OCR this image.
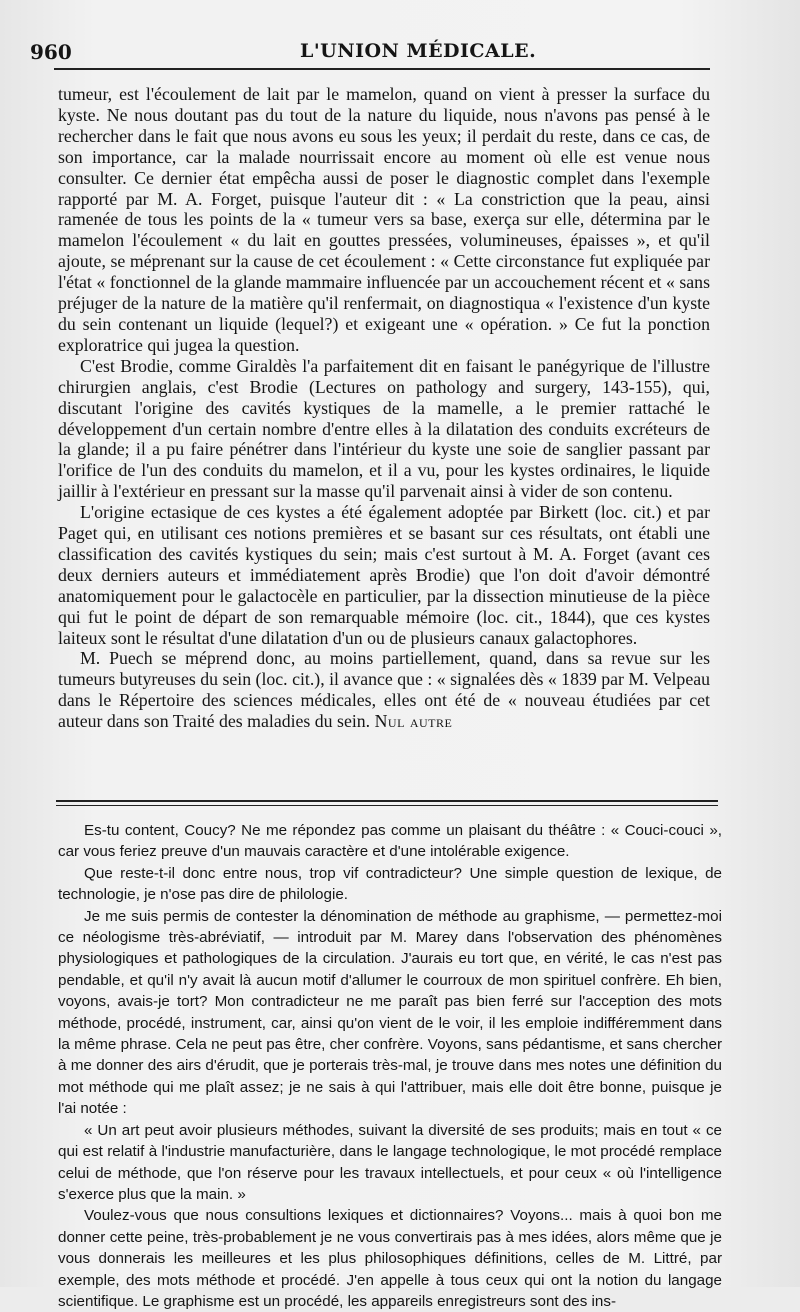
960	L'UNION MÉDICALE.

tumeur, est l'écoulement de lait par le mamelon, quand on vient à presser la surface du kyste. Ne nous doutant pas du tout de la nature du liquide, nous n'avons pas pensé à le rechercher dans le fait que nous avons eu sous les yeux; il perdait du reste, dans ce cas, de son importance, car la malade nourrissait encore au moment où elle est venue nous consulter. Ce dernier état empêcha aussi de poser le diagnostic complet dans l'exemple rapporté par M. A. Forget, puisque l'auteur dit : « La constriction que la peau, ainsi ramenée de tous les points de la « tumeur vers sa base, exerça sur elle, détermina par le mamelon l'écoulement « du lait en gouttes pressées, volumineuses, épaisses », et qu'il ajoute, se méprenant sur la cause de cet écoulement : « Cette circonstance fut expliquée par l'état « fonctionnel de la glande mammaire influencée par un accouchement récent et « sans préjuger de la nature de la matière qu'il renfermait, on diagnostiqua « l'existence d'un kyste du sein contenant un liquide (lequel?) et exigeant une « opération. » Ce fut la ponction exploratrice qui jugea la question.

C'est Brodie, comme Giraldès l'a parfaitement dit en faisant le panégyrique de l'illustre chirurgien anglais, c'est Brodie (Lectures on pathology and surgery, 143-155), qui, discutant l'origine des cavités kystiques de la mamelle, a le premier rattaché le développement d'un certain nombre d'entre elles à la dilatation des conduits excréteurs de la glande; il a pu faire pénétrer dans l'intérieur du kyste une soie de sanglier passant par l'orifice de l'un des conduits du mamelon, et il a vu, pour les kystes ordinaires, le liquide jaillir à l'extérieur en pressant sur la masse qu'il parvenait ainsi à vider de son contenu.

L'origine ectasique de ces kystes a été également adoptée par Birkett (loc. cit.) et par Paget qui, en utilisant ces notions premières et se basant sur ces résultats, ont établi une classification des cavités kystiques du sein; mais c'est surtout à M. A. Forget (avant ces deux derniers auteurs et immédiatement après Brodie) que l'on doit d'avoir démontré anatomiquement pour le galactocèle en particulier, par la dissection minutieuse de la pièce qui fut le point de départ de son remarquable mémoire (loc. cit., 1844), que ces kystes laiteux sont le résultat d'une dilatation d'un ou de plusieurs canaux galactophores.

M. Puech se méprend donc, au moins partiellement, quand, dans sa revue sur les tumeurs butyreuses du sein (loc. cit.), il avance que : « signalées dès « 1839 par M. Velpeau dans le Répertoire des sciences médicales, elles ont été de « nouveau étudiées par cet auteur dans son Traité des maladies du sein. Nul autre

Es-tu content, Coucy? Ne me répondez pas comme un plaisant du théâtre : « Couci-couci », car vous feriez preuve d'un mauvais caractère et d'une intolérable exigence.

Que reste-t-il donc entre nous, trop vif contradicteur? Une simple question de lexique, de technologie, je n'ose pas dire de philologie.

Je me suis permis de contester la dénomination de méthode au graphisme, — permettez-moi ce néologisme très-abréviatif, — introduit par M. Marey dans l'observation des phénomènes physiologiques et pathologiques de la circulation. J'aurais eu tort que, en vérité, le cas n'est pas pendable, et qu'il n'y avait là aucun motif d'allumer le courroux de mon spirituel confrère. Eh bien, voyons, avais-je tort? Mon contradicteur ne me paraît pas bien ferré sur l'acception des mots méthode, procédé, instrument, car, ainsi qu'on vient de le voir, il les emploie indifféremment dans la même phrase. Cela ne peut pas être, cher confrère. Voyons, sans pédantisme, et sans chercher à me donner des airs d'érudit, que je porterais très-mal, je trouve dans mes notes une définition du mot méthode qui me plaît assez; je ne sais à qui l'attribuer, mais elle doit être bonne, puisque je l'ai notée :

« Un art peut avoir plusieurs méthodes, suivant la diversité de ses produits; mais en tout « ce qui est relatif à l'industrie manufacturière, dans le langage technologique, le mot procédé remplace celui de méthode, que l'on réserve pour les travaux intellectuels, et pour ceux « où l'intelligence s'exerce plus que la main. »

Voulez-vous que nous consultions lexiques et dictionnaires? Voyons... mais à quoi bon me donner cette peine, très-probablement je ne vous convertirais pas à mes idées, alors même que je vous donnerais les meilleures et les plus philosophiques définitions, celles de M. Littré, par exemple, des mots méthode et procédé. J'en appelle à tous ceux qui ont la notion du langage scientifique. Le graphisme est un procédé, les appareils enregistreurs sont des ins-
